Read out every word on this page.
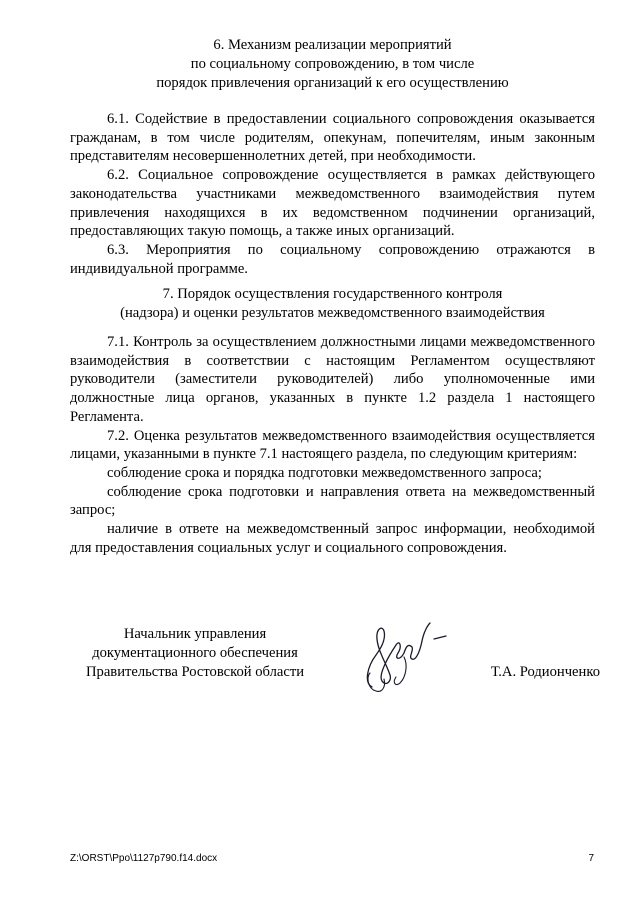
6. Механизм реализации мероприятий
по социальному сопровождению, в том числе
порядок привлечения организаций к его осуществлению

6.1. Содействие в предоставлении социального сопровождения оказывается гражданам, в том числе родителям, опекунам, попечителям, иным законным представителям несовершеннолетних детей, при необходимости.

6.2. Социальное сопровождение осуществляется в рамках действующего законодательства участниками межведомственного взаимодействия путем привлечения находящихся в их ведомственном подчинении организаций, предоставляющих такую помощь, а также иных организаций.

6.3. Мероприятия по социальному сопровождению отражаются в индивидуальной программе.

7. Порядок осуществления государственного контроля
(надзора) и оценки результатов межведомственного взаимодействия

7.1. Контроль за осуществлением должностными лицами межведомственного взаимодействия в соответствии с настоящим Регламентом осуществляют руководители (заместители руководителей) либо уполномоченные ими должностные лица органов, указанных в пункте 1.2 раздела 1 настоящего Регламента.

7.2. Оценка результатов межведомственного взаимодействия осуществляется лицами, указанными в пункте 7.1 настоящего раздела, по следующим критериям:

соблюдение срока и порядка подготовки межведомственного запроса;

соблюдение срока подготовки и направления ответа на межведомственный запрос;

наличие в ответе на межведомственный запрос информации, необходимой для предоставления социальных услуг и социального сопровождения.

Начальник управления
документационного обеспечения
Правительства Ростовской области	Т.А. Родионченко
Z:\ORST\Ppo\1127p790.f14.docx	7
